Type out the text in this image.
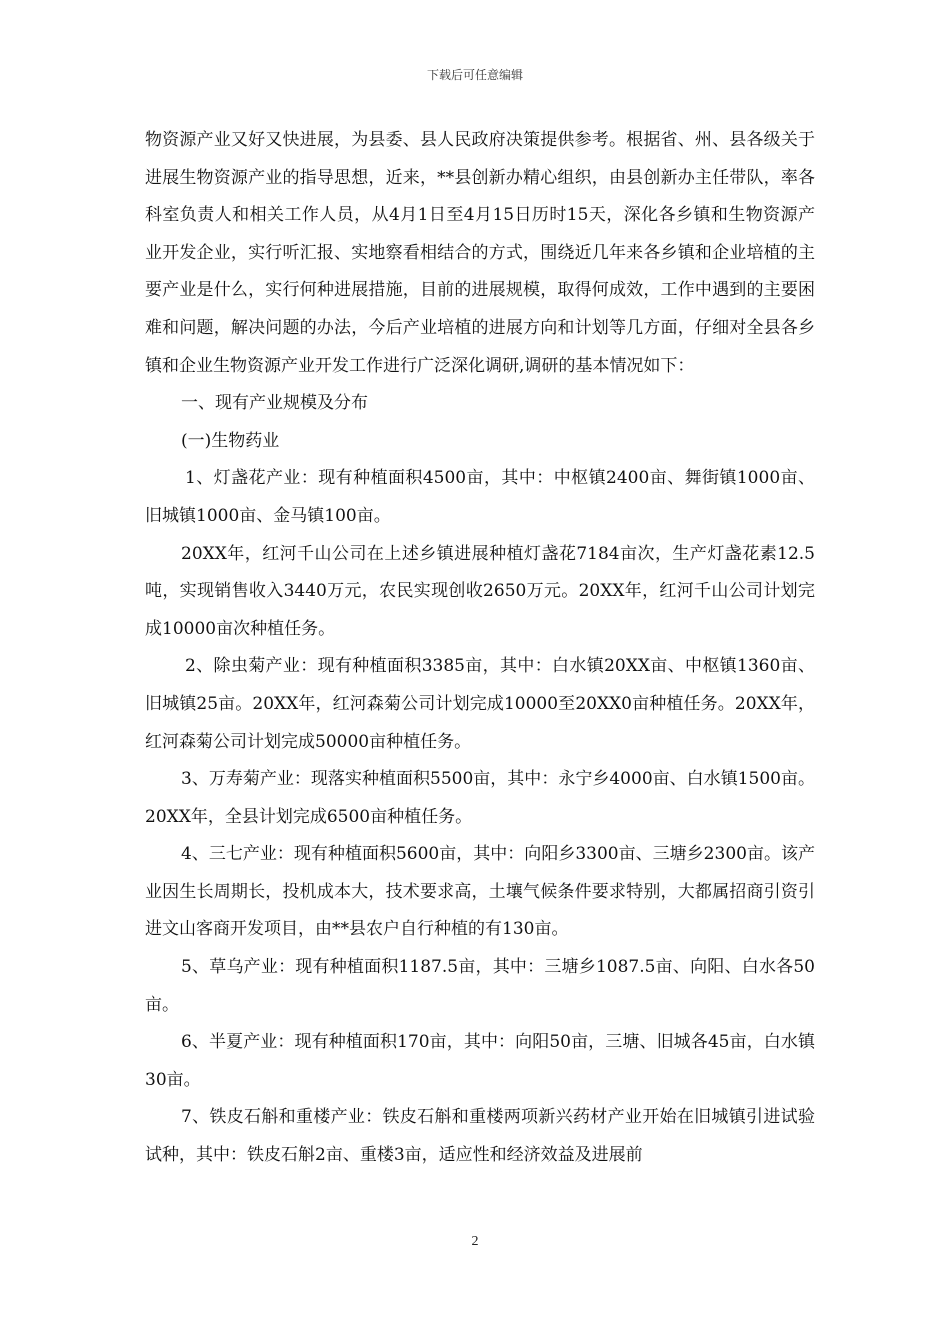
下载后可任意编辑

物资源产业又好又快进展，为县委、县人民政府决策提供参考。根据省、州、县各级关于进展生物资源产业的指导思想，近来，**县创新办精心组织，由县创新办主任带队，率各科室负责人和相关工作人员，从4月1日至4月15日历时15天，深化各乡镇和生物资源产业开发企业，实行听汇报、实地察看相结合的方式，围绕近几年来各乡镇和企业培植的主要产业是什么，实行何种进展措施，目前的进展规模，取得何成效，工作中遇到的主要困难和问题，解决问题的办法，今后产业培植的进展方向和计划等几方面，仔细对全县各乡镇和企业生物资源产业开发工作进行广泛深化调研,调研的基本情况如下：

一、现有产业规模及分布

(一)生物药业

1、灯盏花产业：现有种植面积4500亩，其中：中枢镇2400亩、舞街镇1000亩、旧城镇1000亩、金马镇100亩。

20XX年，红河千山公司在上述乡镇进展种植灯盏花7184亩次，生产灯盏花素12.5吨，实现销售收入3440万元，农民实现创收2650万元。20XX年，红河千山公司计划完成10000亩次种植任务。

2、除虫菊产业：现有种植面积3385亩，其中：白水镇20XX亩、中枢镇1360亩、旧城镇25亩。20XX年，红河森菊公司计划完成10000至20XX0亩种植任务。20XX年，红河森菊公司计划完成50000亩种植任务。

3、万寿菊产业：现落实种植面积5500亩，其中：永宁乡4000亩、白水镇1500亩。20XX年，全县计划完成6500亩种植任务。

4、三七产业：现有种植面积5600亩，其中：向阳乡3300亩、三塘乡2300亩。该产业因生长周期长，投机成本大，技术要求高，土壤气候条件要求特别，大都属招商引资引进文山客商开发项目，由**县农户自行种植的有130亩。

5、草乌产业：现有种植面积1187.5亩，其中：三塘乡1087.5亩、向阳、白水各50亩。

6、半夏产业：现有种植面积170亩，其中：向阳50亩，三塘、旧城各45亩，白水镇30亩。

7、铁皮石斛和重楼产业：铁皮石斛和重楼两项新兴药材产业开始在旧城镇引进试验试种，其中：铁皮石斛2亩、重楼3亩，适应性和经济效益及进展前

2
